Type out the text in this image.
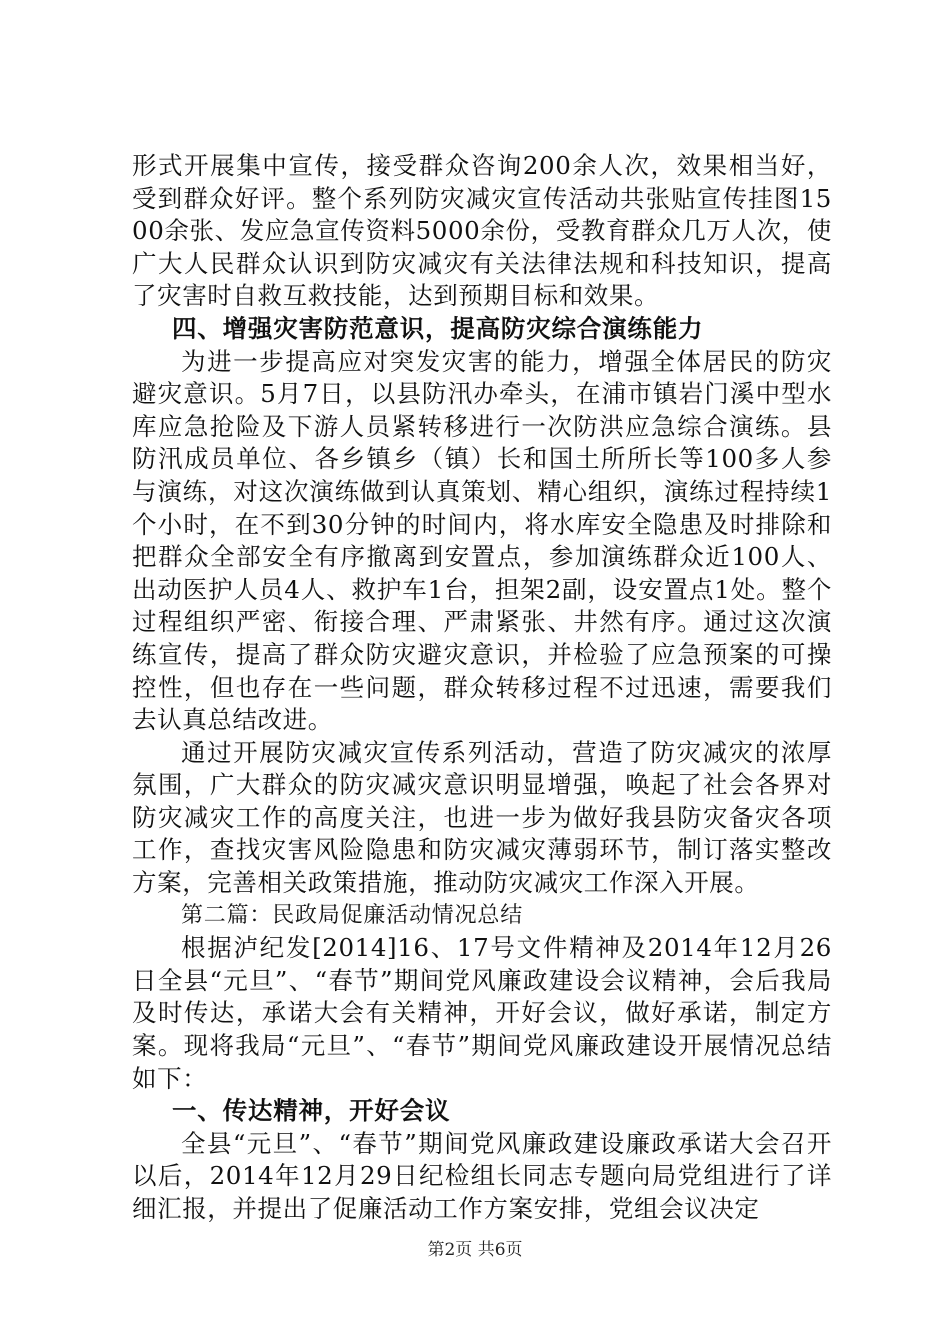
形式开展集中宣传，接受群众咨询200余人次，效果相当好，受到群众好评。整个系列防灾减灾宣传活动共张贴宣传挂图1500余张、发应急宣传资料5000余份，受教育群众几万人次，使广大人民群众认识到防灾减灾有关法律法规和科技知识，提高了灾害时自救互救技能，达到预期目标和效果。

四、增强灾害防范意识，提高防灾综合演练能力

为进一步提高应对突发灾害的能力，增强全体居民的防灾避灾意识。5月7日，以县防汛办牵头，在浦市镇岩门溪中型水库应急抢险及下游人员紧转移进行一次防洪应急综合演练。县防汛成员单位、各乡镇乡（镇）长和国土所所长等100多人参与演练，对这次演练做到认真策划、精心组织，演练过程持续1个小时，在不到30分钟的时间内，将水库安全隐患及时排除和把群众全部安全有序撤离到安置点，参加演练群众近100人、出动医护人员4人、救护车1台，担架2副，设安置点1处。整个过程组织严密、衔接合理、严肃紧张、井然有序。通过这次演练宣传，提高了群众防灾避灾意识，并检验了应急预案的可操控性，但也存在一些问题，群众转移过程不过迅速，需要我们去认真总结改进。

通过开展防灾减灾宣传系列活动，营造了防灾减灾的浓厚氛围，广大群众的防灾减灾意识明显增强，唤起了社会各界对防灾减灾工作的高度关注，也进一步为做好我县防灾备灾各项工作，查找灾害风险隐患和防灾减灾薄弱环节，制订落实整改方案，完善相关政策措施，推动防灾减灾工作深入开展。

第二篇：民政局促廉活动情况总结

根据泸纪发[2014]16、17号文件精神及2014年12月26日全县“元旦”、“春节”期间党风廉政建设会议精神，会后我局及时传达，承诺大会有关精神，开好会议，做好承诺，制定方案。现将我局“元旦”、“春节”期间党风廉政建设开展情况总结如下：

一、传达精神，开好会议

全县“元旦”、“春节”期间党风廉政建设廉政承诺大会召开以后，2014年12月29日纪检组长同志专题向局党组进行了详细汇报，并提出了促廉活动工作方案安排，党组会议决定

第2页 共6页
